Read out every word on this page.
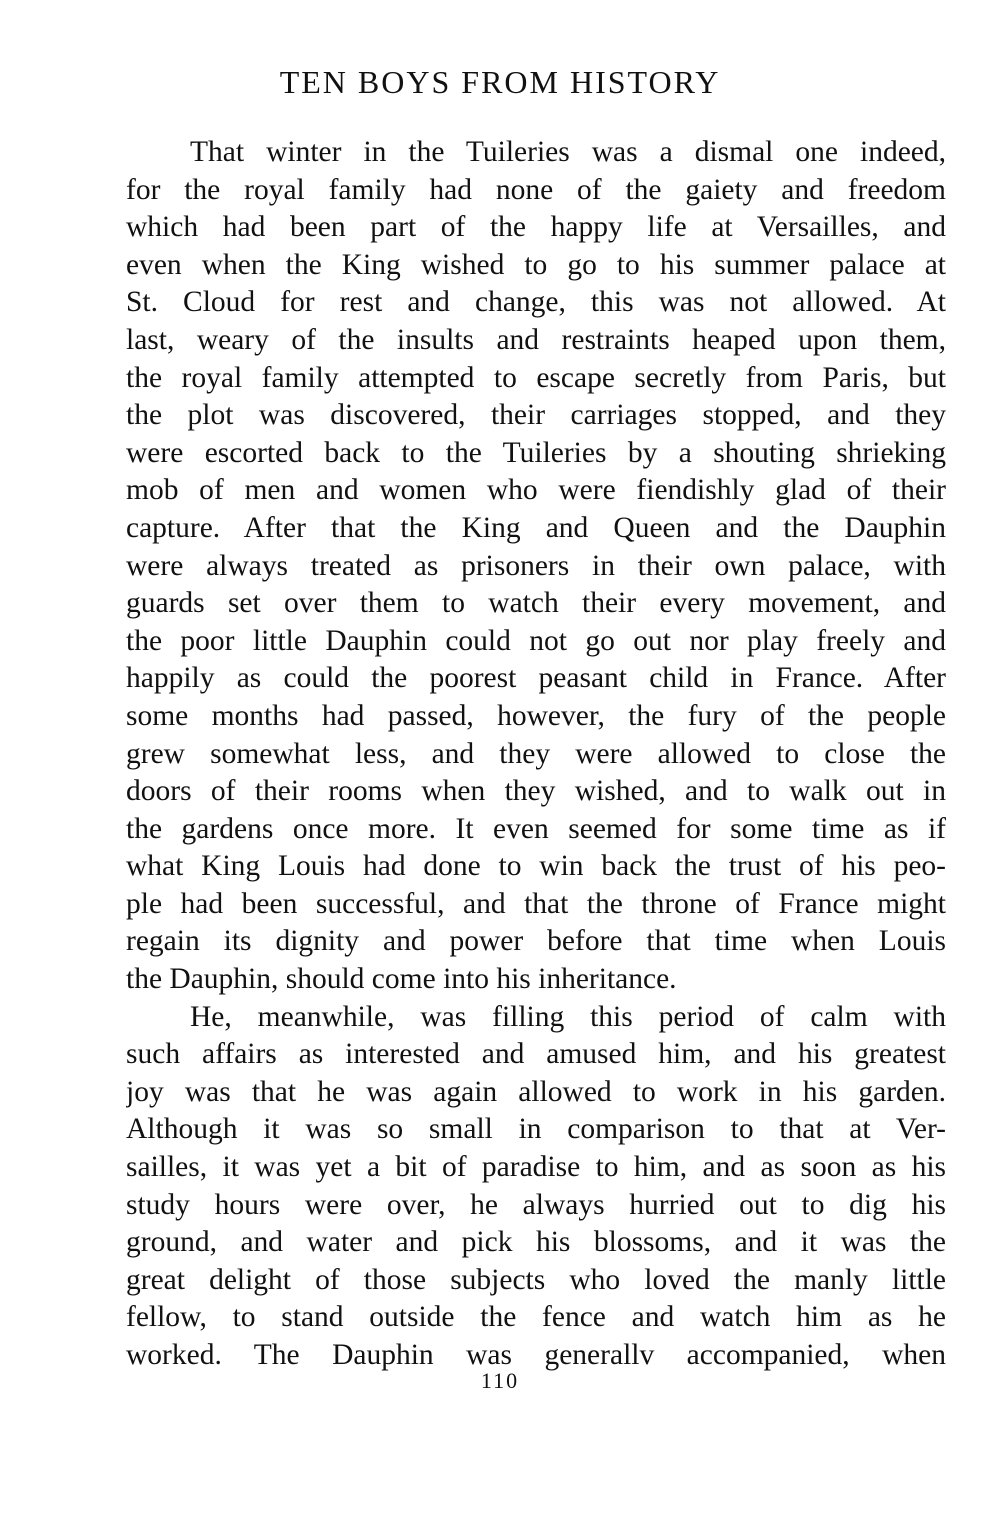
TEN BOYS FROM HISTORY
That winter in the Tuileries was a dismal one indeed,
for the royal family had none of the gaiety and freedom
which had been part of the happy life at Versailles, and
even when the King wished to go to his summer palace at
St. Cloud for rest and change, this was not allowed. At
last, weary of the insults and restraints heaped upon them,
the royal family attempted to escape secretly from Paris, but
the plot was discovered, their carriages stopped, and they
were escorted back to the Tuileries by a shouting shrieking
mob of men and women who were fiendishly glad of their
capture. After that the King and Queen and the Dauphin
were always treated as prisoners in their own palace, with
guards set over them to watch their every movement, and
the poor little Dauphin could not go out nor play freely and
happily as could the poorest peasant child in France. After
some months had passed, however, the fury of the people
grew somewhat less, and they were allowed to close the
doors of their rooms when they wished, and to walk out in
the gardens once more. It even seemed for some time as if
what King Louis had done to win back the trust of his peo-
ple had been successful, and that the throne of France might
regain its dignity and power before that time when Louis
the Dauphin, should come into his inheritance.
He, meanwhile, was filling this period of calm with
such affairs as interested and amused him, and his greatest
joy was that he was again allowed to work in his garden.
Although it was so small in comparison to that at Ver-
sailles, it was yet a bit of paradise to him, and as soon as his
study hours were over, he always hurried out to dig his
ground, and water and pick his blossoms, and it was the
great delight of those subjects who loved the manly little
fellow, to stand outside the fence and watch him as he
worked. The Dauphin was generallv accompanied, when
110
